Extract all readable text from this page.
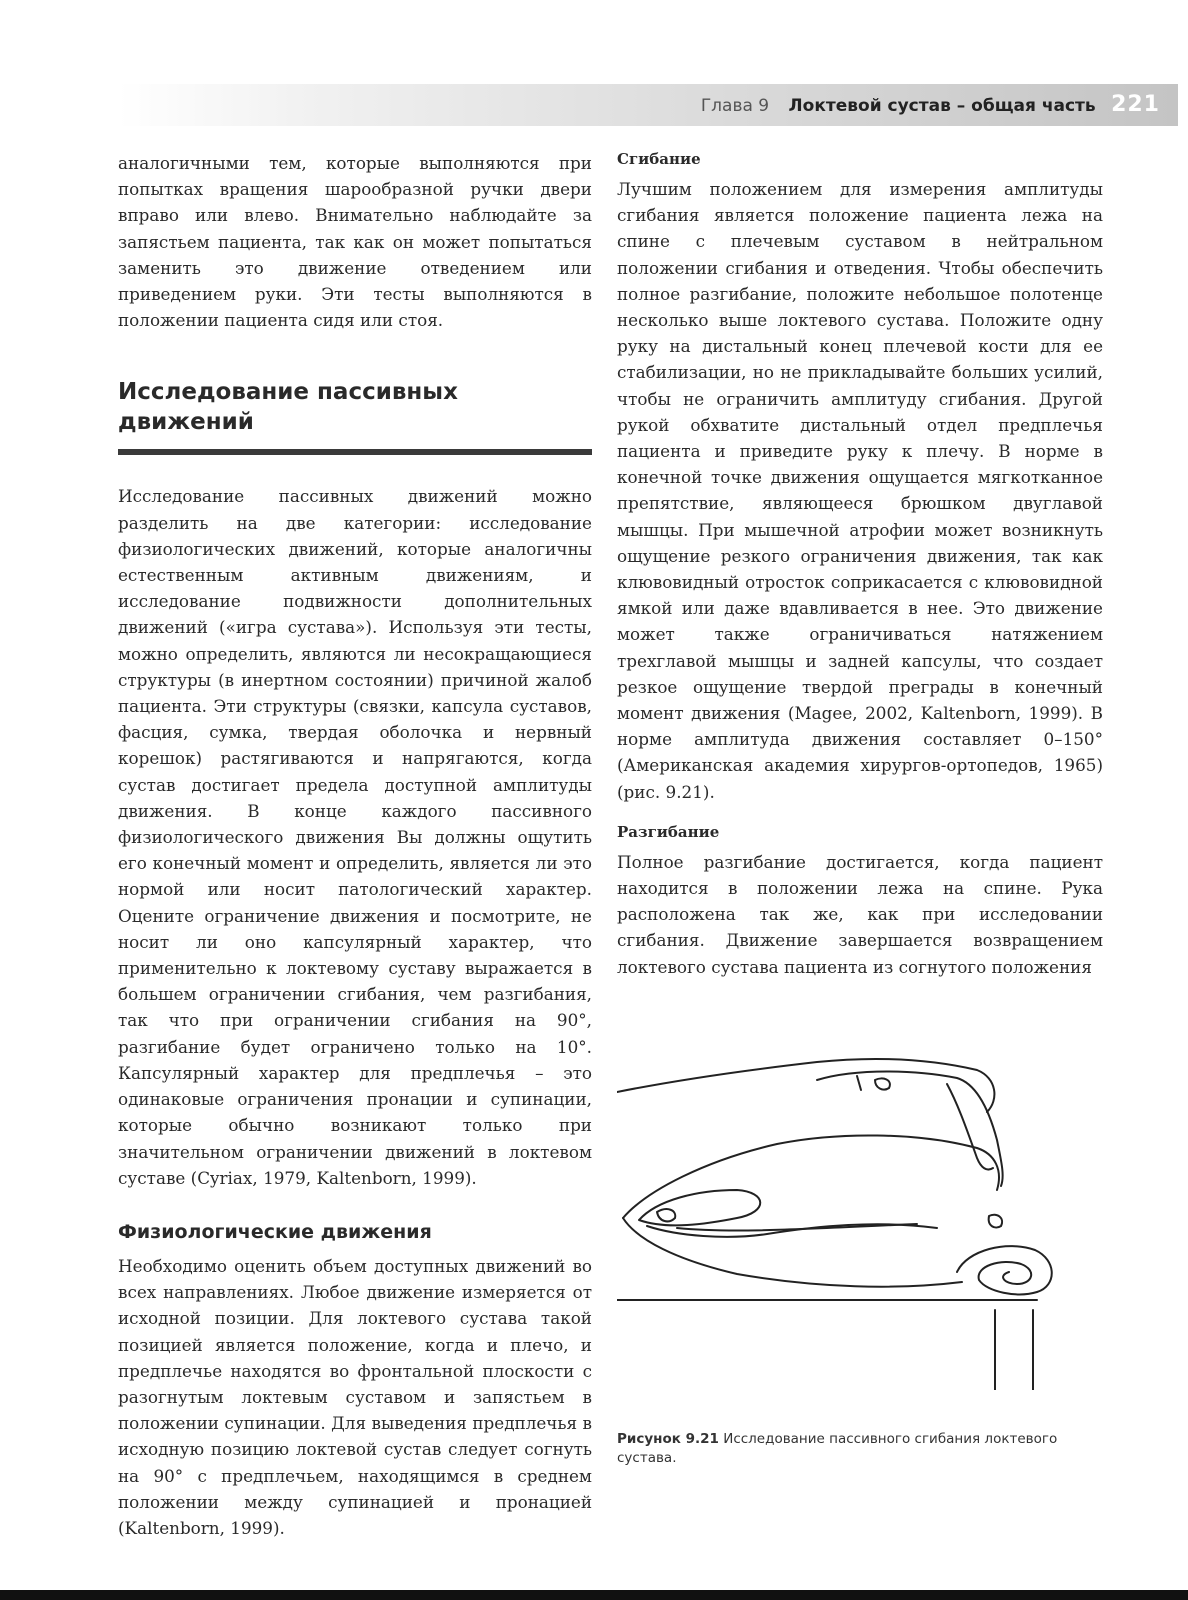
Глава 9 Локтевой сустав – общая часть 221

аналогичными тем, которые выполняются при попытках вращения шарообразной ручки двери вправо или влево. Внимательно наблюдайте за запястьем пациента, так как он может попытаться заменить это движение отведением или приведением руки. Эти тесты выполняются в положении пациента сидя или стоя.

Исследование пассивных движений

Исследование пассивных движений можно разделить на две категории: исследование физиологических движений, которые аналогичны естественным активным движениям, и исследование подвижности дополнительных движений («игра сустава»). Используя эти тесты, можно определить, являются ли несокращающиеся структуры (в инертном состоянии) причиной жалоб пациента. Эти структуры (связки, капсула суставов, фасция, сумка, твердая оболочка и нервный корешок) растягиваются и напрягаются, когда сустав достигает предела доступной амплитуды движения. В конце каждого пассивного физиологического движения Вы должны ощутить его конечный момент и определить, является ли это нормой или носит патологический характер. Оцените ограничение движения и посмотрите, не носит ли оно капсулярный характер, что применительно к локтевому суставу выражается в большем ограничении сгибания, чем разгибания, так что при ограничении сгибания на 90°, разгибание будет ограничено только на 10°. Капсулярный характер для предплечья – это одинаковые ограничения пронации и супинации, которые обычно возникают только при значительном ограничении движений в локтевом суставе (Cyriax, 1979, Kaltenborn, 1999).

Физиологические движения

Необходимо оценить объем доступных движений во всех направлениях. Любое движение измеряется от исходной позиции. Для локтевого сустава такой позицией является положение, когда и плечо, и предплечье находятся во фронтальной плоскости с разогнутым локтевым суставом и запястьем в положении супинации. Для выведения предплечья в исходную позицию локтевой сустав следует согнуть на 90° с предплечьем, находящимся в среднем положении между супинацией и пронацией (Kaltenborn, 1999).

Сгибание

Лучшим положением для измерения амплитуды сгибания является положение пациента лежа на спине с плечевым суставом в нейтральном положении сгибания и отведения. Чтобы обеспечить полное разгибание, положите небольшое полотенце несколько выше локтевого сустава. Положите одну руку на дистальный конец плечевой кости для ее стабилизации, но не прикладывайте больших усилий, чтобы не ограничить амплитуду сгибания. Другой рукой обхватите дистальный отдел предплечья пациента и приведите руку к плечу. В норме в конечной точке движения ощущается мягкотканное препятствие, являющееся брюшком двуглавой мышцы. При мышечной атрофии может возникнуть ощущение резкого ограничения движения, так как клювовидный отросток соприкасается с клювовидной ямкой или даже вдавливается в нее. Это движение может также ограничиваться натяжением трехглавой мышцы и задней капсулы, что создает резкое ощущение твердой преграды в конечный момент движения (Magee, 2002, Kaltenborn, 1999). В норме амплитуда движения составляет 0–150° (Американская академия хирургов-ортопедов, 1965) (рис. 9.21).

Разгибание

Полное разгибание достигается, когда пациент находится в положении лежа на спине. Рука расположена так же, как при исследовании сгибания. Движение завершается возвращением локтевого сустава пациента из согнутого положения

Рисунок 9.21 Исследование пассивного сгибания локтевого сустава.
